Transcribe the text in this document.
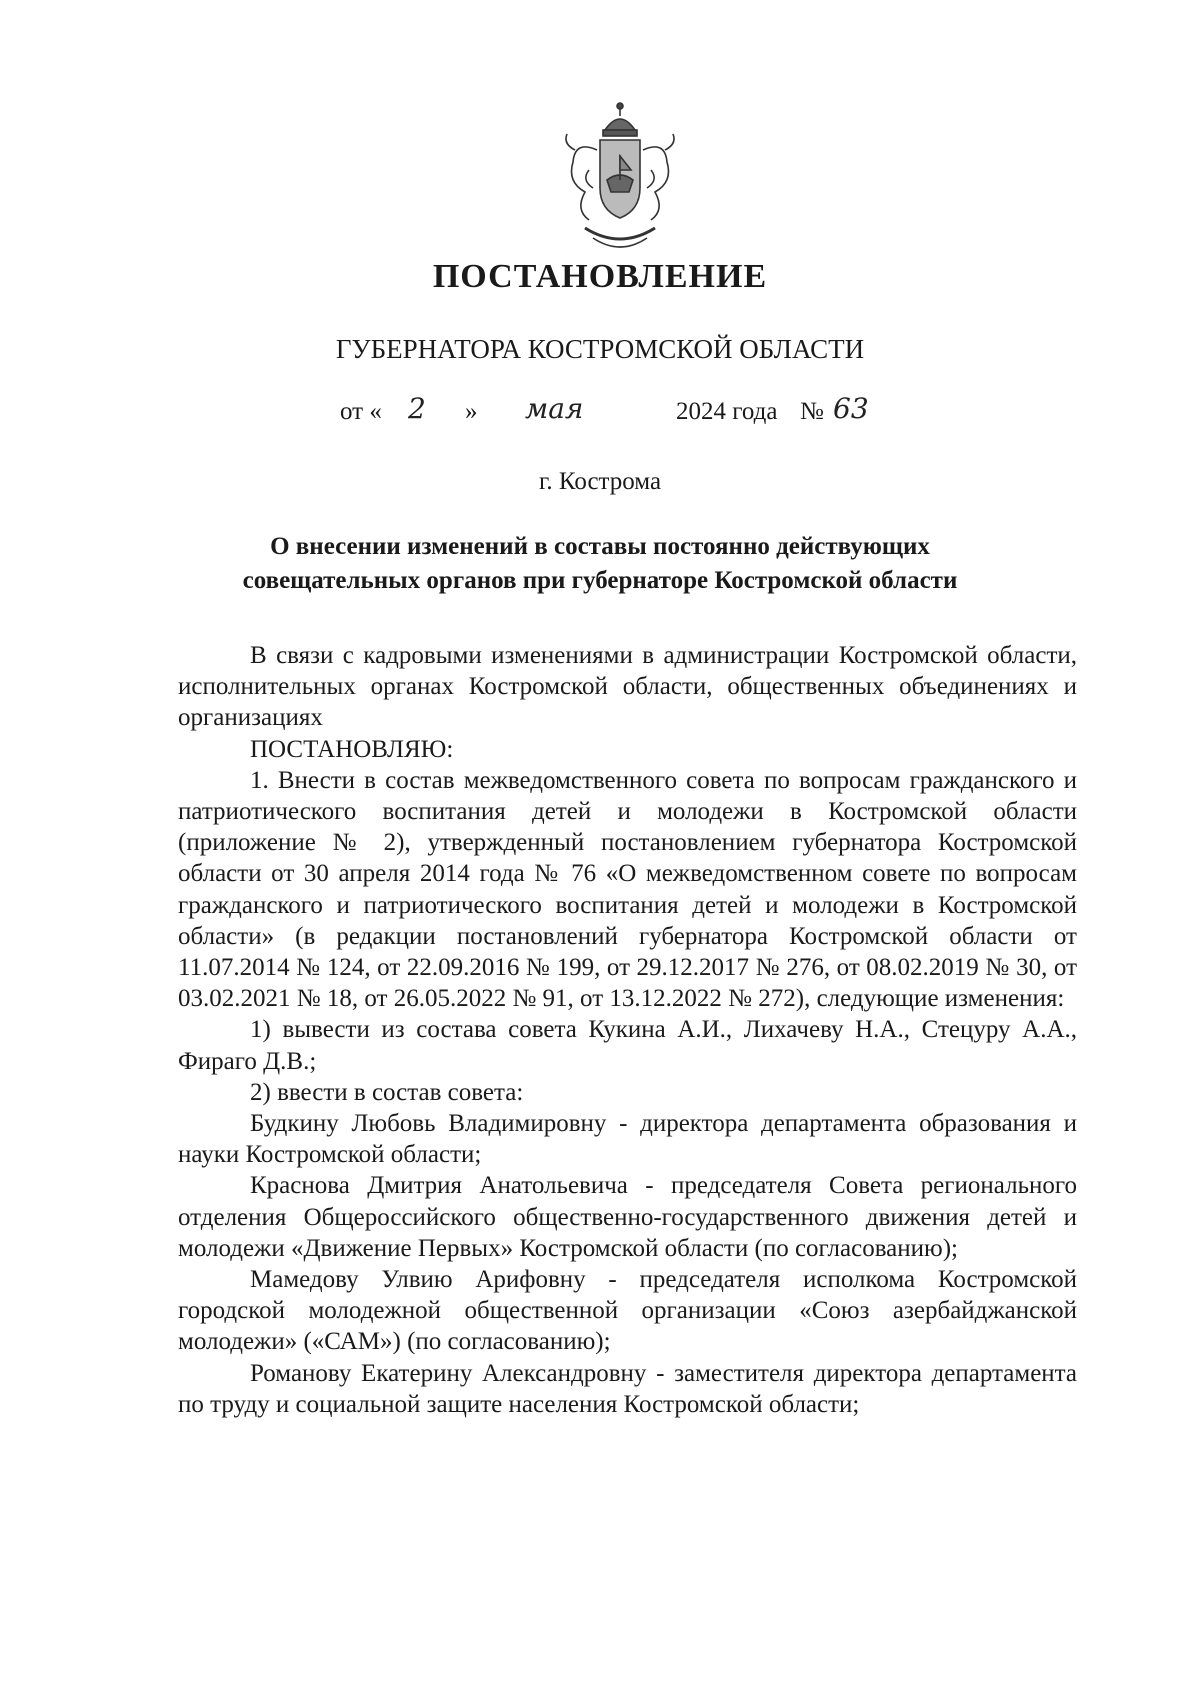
ПОСТАНОВЛЕНИЕ
ГУБЕРНАТОРА КОСТРОМСКОЙ ОБЛАСТИ
от « 2 » мая	2024 года № 63
г. Кострома
О внесении изменений в составы постоянно действующих
совещательных органов при губернаторе Костромской области

В связи с кадровыми изменениями в администрации Костромской области, исполнительных органах Костромской области, общественных объединениях и организациях

ПОСТАНОВЛЯЮ:

1. Внести в состав межведомственного совета по вопросам гражданского и патриотического воспитания детей и молодежи в Костромской области (приложение № 2), утвержденный постановлением губернатора Костромской области от 30 апреля 2014 года № 76 «О межведомственном совете по вопросам гражданского и патриотического воспитания детей и молодежи в Костромской области» (в редакции постановлений губернатора Костромской области от 11.07.2014 № 124, от 22.09.2016 № 199, от 29.12.2017 № 276, от 08.02.2019 № 30, от 03.02.2021 № 18, от 26.05.2022 № 91, от 13.12.2022 № 272), следующие изменения:

1) вывести из состава совета Кукина А.И., Лихачеву Н.А., Стецуру А.А., Фираго Д.В.;

2) ввести в состав совета:

Будкину Любовь Владимировну - директора департамента образования и науки Костромской области;

Краснова Дмитрия Анатольевича - председателя Совета регионального отделения Общероссийского общественно-государственного движения детей и молодежи «Движение Первых» Костромской области (по согласованию);

Мамедову Улвию Арифовну - председателя исполкома Костромской городской молодежной общественной организации «Союз азербайджанской молодежи» («САМ») (по согласованию);

Романову Екатерину Александровну - заместителя директора департамента по труду и социальной защите населения Костромской области;
